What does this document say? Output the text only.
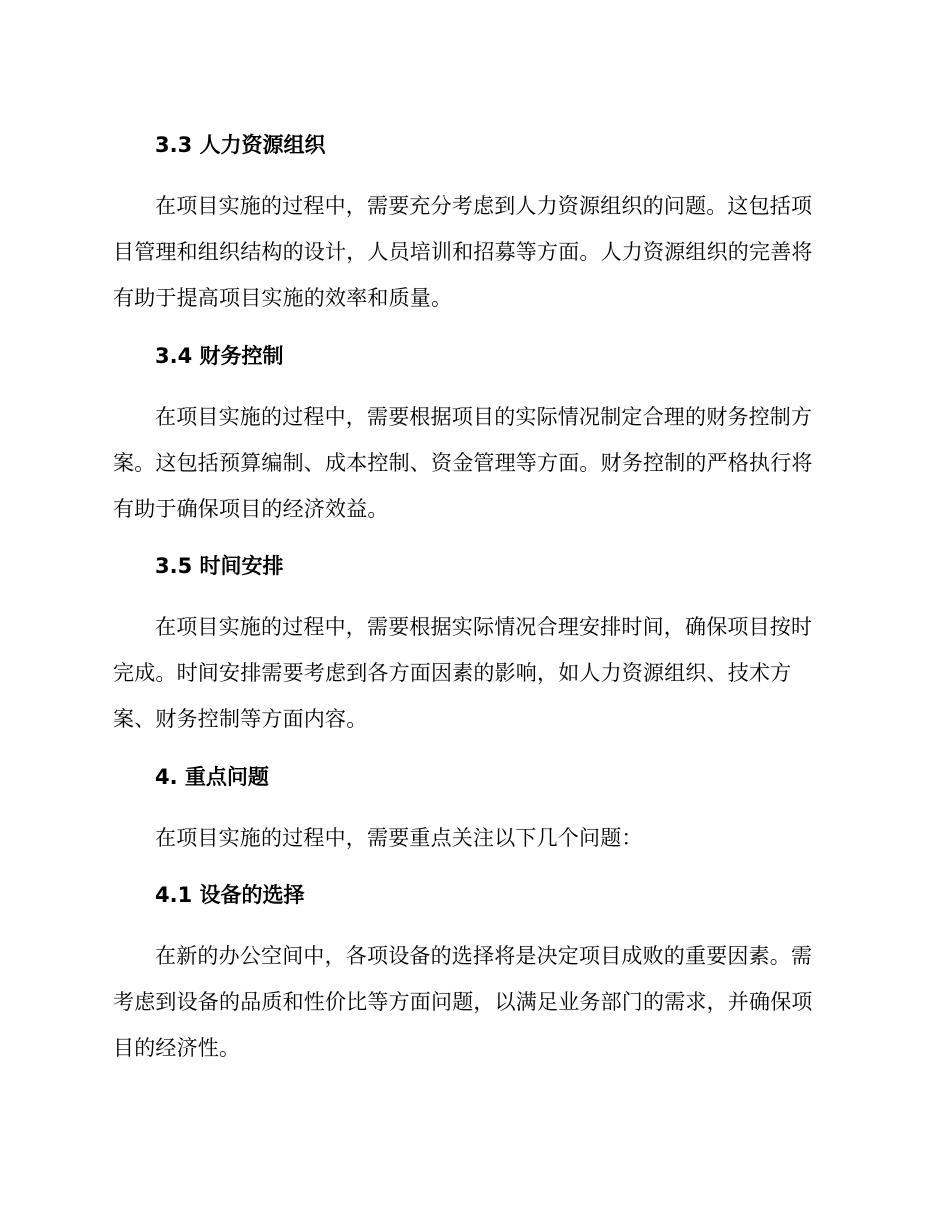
3.3 人力资源组织

在项目实施的过程中，需要充分考虑到人力资源组织的问题。这包括项目管理和组织结构的设计，人员培训和招募等方面。人力资源组织的完善将有助于提高项目实施的效率和质量。

3.4 财务控制

在项目实施的过程中，需要根据项目的实际情况制定合理的财务控制方案。这包括预算编制、成本控制、资金管理等方面。财务控制的严格执行将有助于确保项目的经济效益。

3.5 时间安排

在项目实施的过程中，需要根据实际情况合理安排时间，确保项目按时完成。时间安排需要考虑到各方面因素的影响，如人力资源组织、技术方案、财务控制等方面内容。

4. 重点问题

在项目实施的过程中，需要重点关注以下几个问题：

4.1 设备的选择

在新的办公空间中，各项设备的选择将是决定项目成败的重要因素。需考虑到设备的品质和性价比等方面问题，以满足业务部门的需求，并确保项目的经济性。
